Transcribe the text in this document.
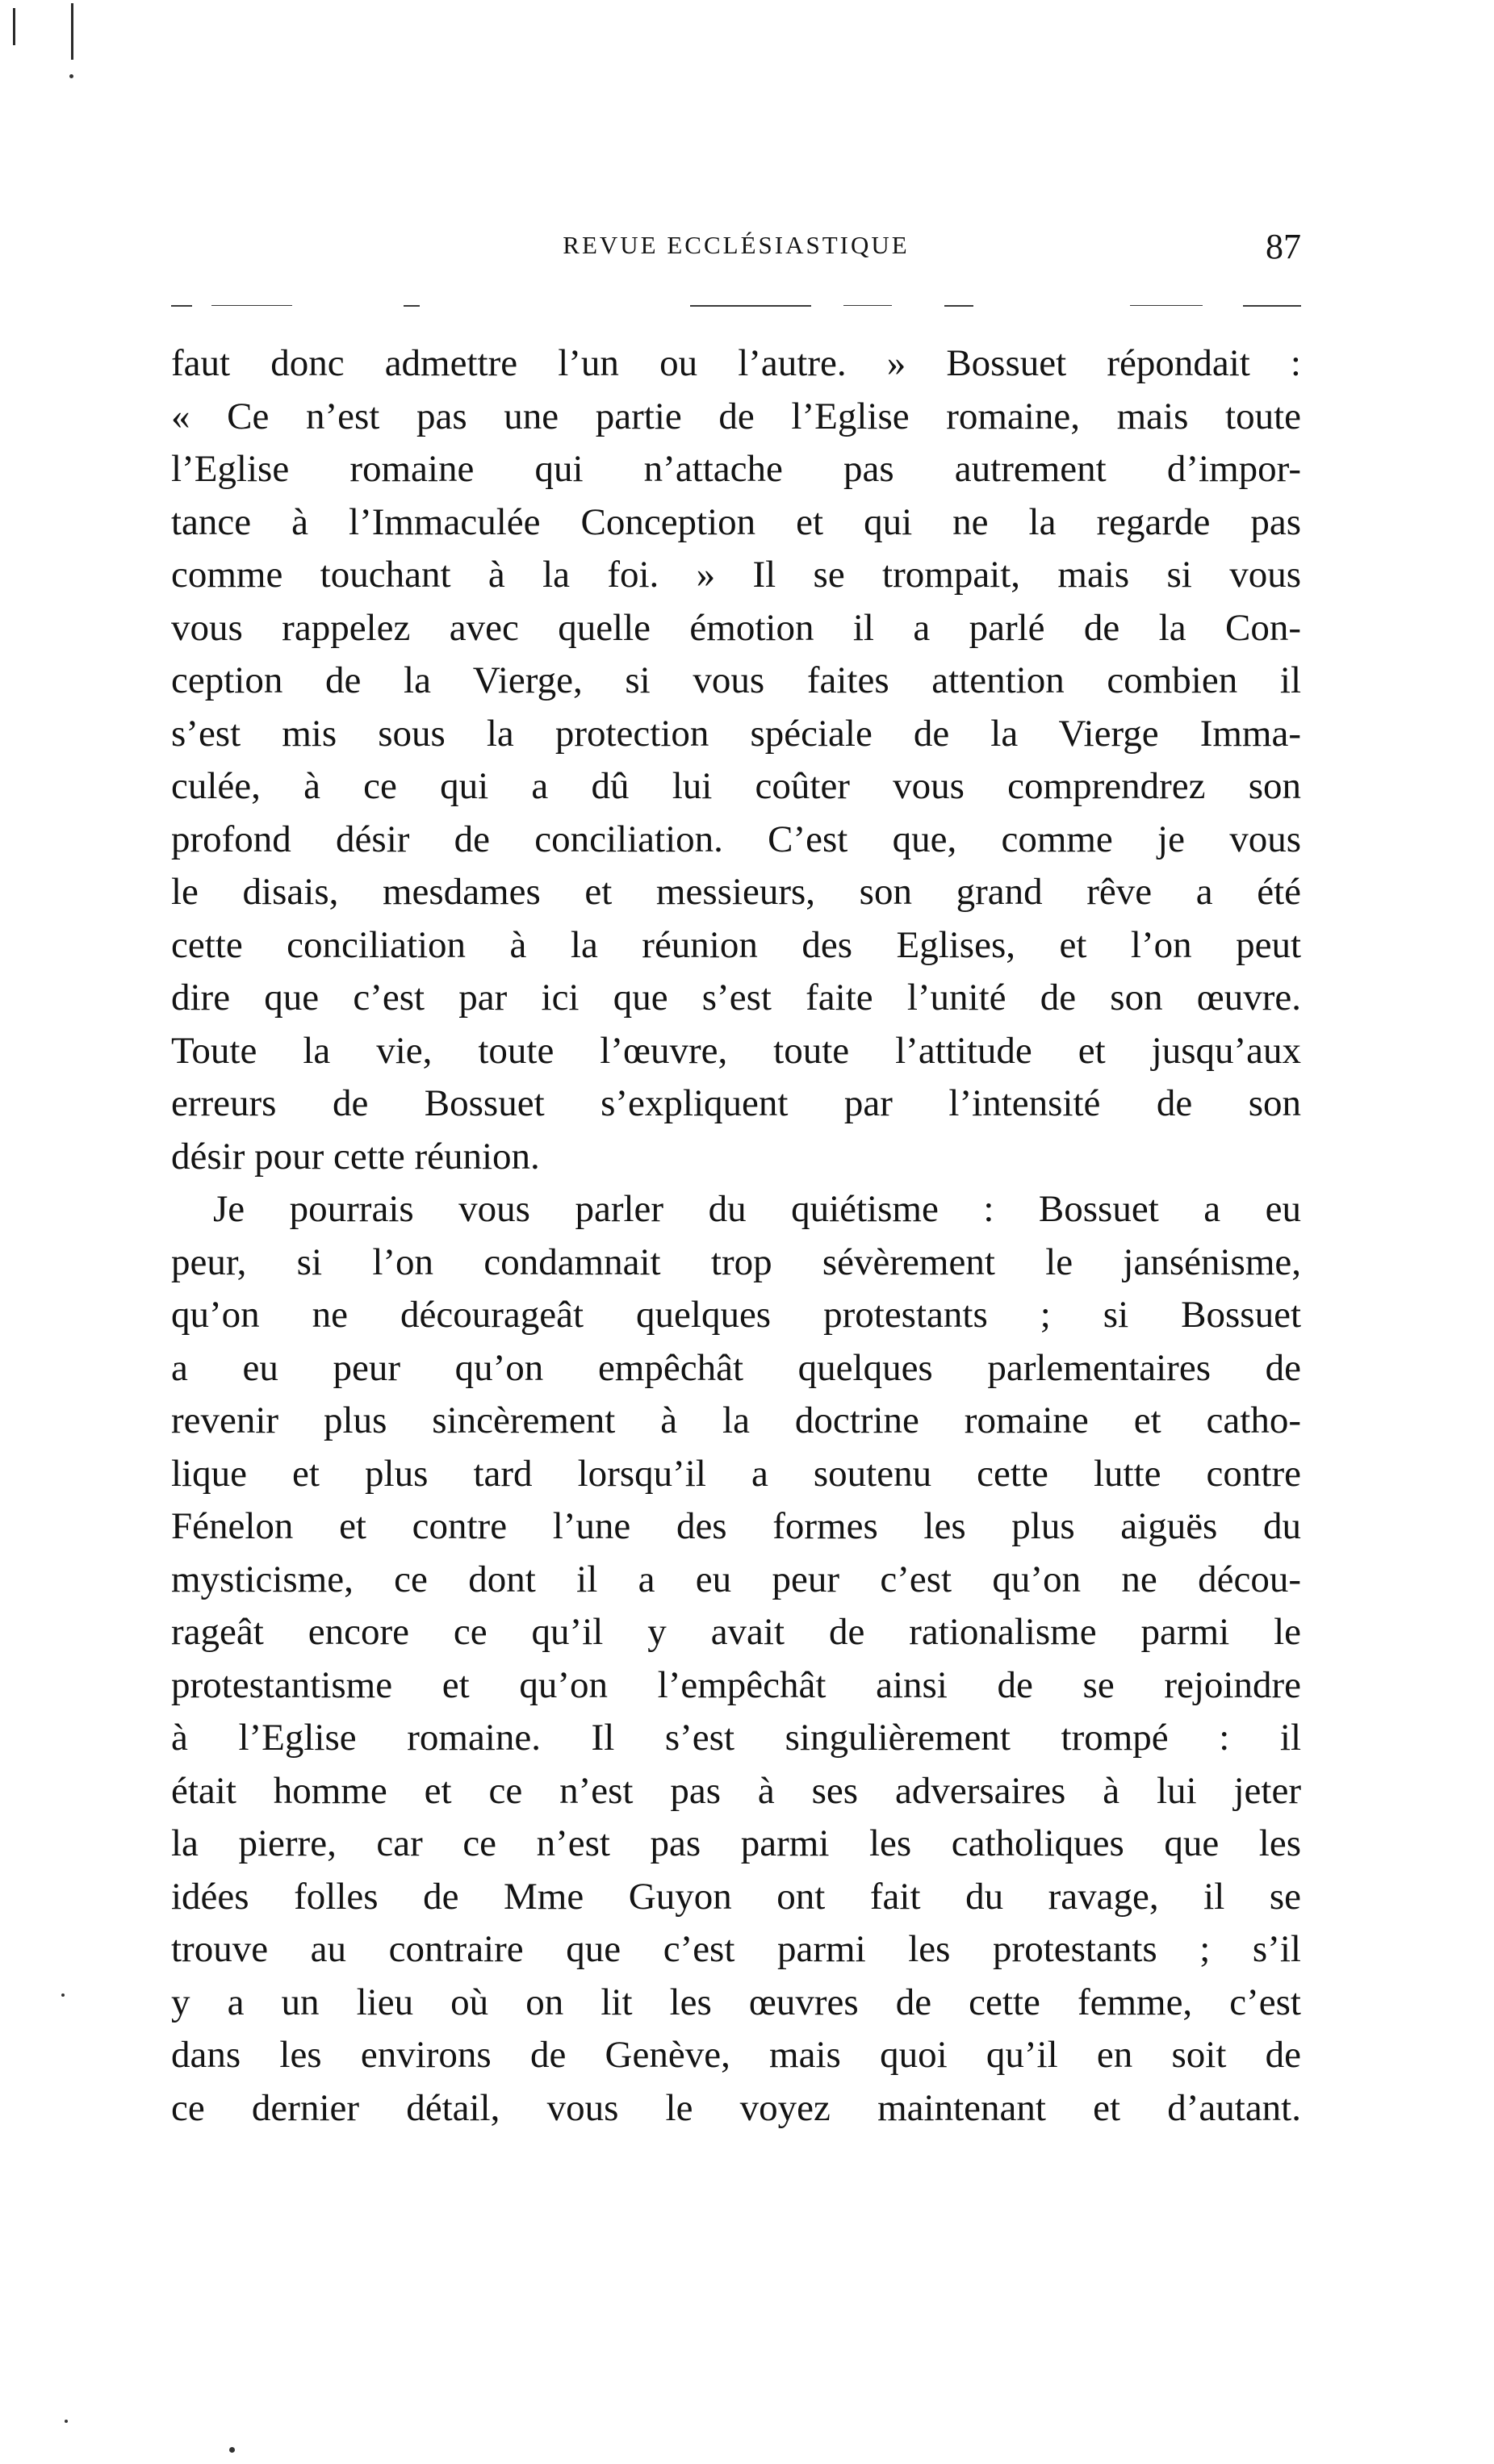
REVUE ECCLÉSIASTIQUE	87
faut donc admettre l’un ou l’autre. » Bossuet répondait :
« Ce n’est pas une partie de l’Eglise romaine, mais toute
l’Eglise romaine qui n’attache pas autrement d’impor-
tance à l’Immaculée Conception et qui ne la regarde pas
comme touchant à la foi. » Il se trompait, mais si vous
vous rappelez avec quelle émotion il a parlé de la Con-
ception de la Vierge, si vous faites attention combien il
s’est mis sous la protection spéciale de la Vierge Imma-
culée, à ce qui a dû lui coûter vous comprendrez son
profond désir de conciliation. C’est que, comme je vous
le disais, mesdames et messieurs, son grand rêve a été
cette conciliation à la réunion des Eglises, et l’on peut
dire que c’est par ici que s’est faite l’unité de son œuvre.
Toute la vie, toute l’œuvre, toute l’attitude et jusqu’aux
erreurs de Bossuet s’expliquent par l’intensité de son
désir pour cette réunion.
Je pourrais vous parler du quiétisme : Bossuet a eu
peur, si l’on condamnait trop sévèrement le jansénisme,
qu’on ne décourageât quelques protestants ; si Bossuet
a eu peur qu’on empêchât quelques parlementaires de
revenir plus sincèrement à la doctrine romaine et catho-
lique et plus tard lorsqu’il a soutenu cette lutte contre
Fénelon et contre l’une des formes les plus aiguës du
mysticisme, ce dont il a eu peur c’est qu’on ne décou-
rageât encore ce qu’il y avait de rationalisme parmi le
protestantisme et qu’on l’empêchât ainsi de se rejoindre
à l’Eglise romaine. Il s’est singulièrement trompé : il
était homme et ce n’est pas à ses adversaires à lui jeter
la pierre, car ce n’est pas parmi les catholiques que les
idées folles de Mme Guyon ont fait du ravage, il se
trouve au contraire que c’est parmi les protestants ; s’il
y a un lieu où on lit les œuvres de cette femme, c’est
dans les environs de Genève, mais quoi qu’il en soit de
ce dernier détail, vous le voyez maintenant et d’autant.
